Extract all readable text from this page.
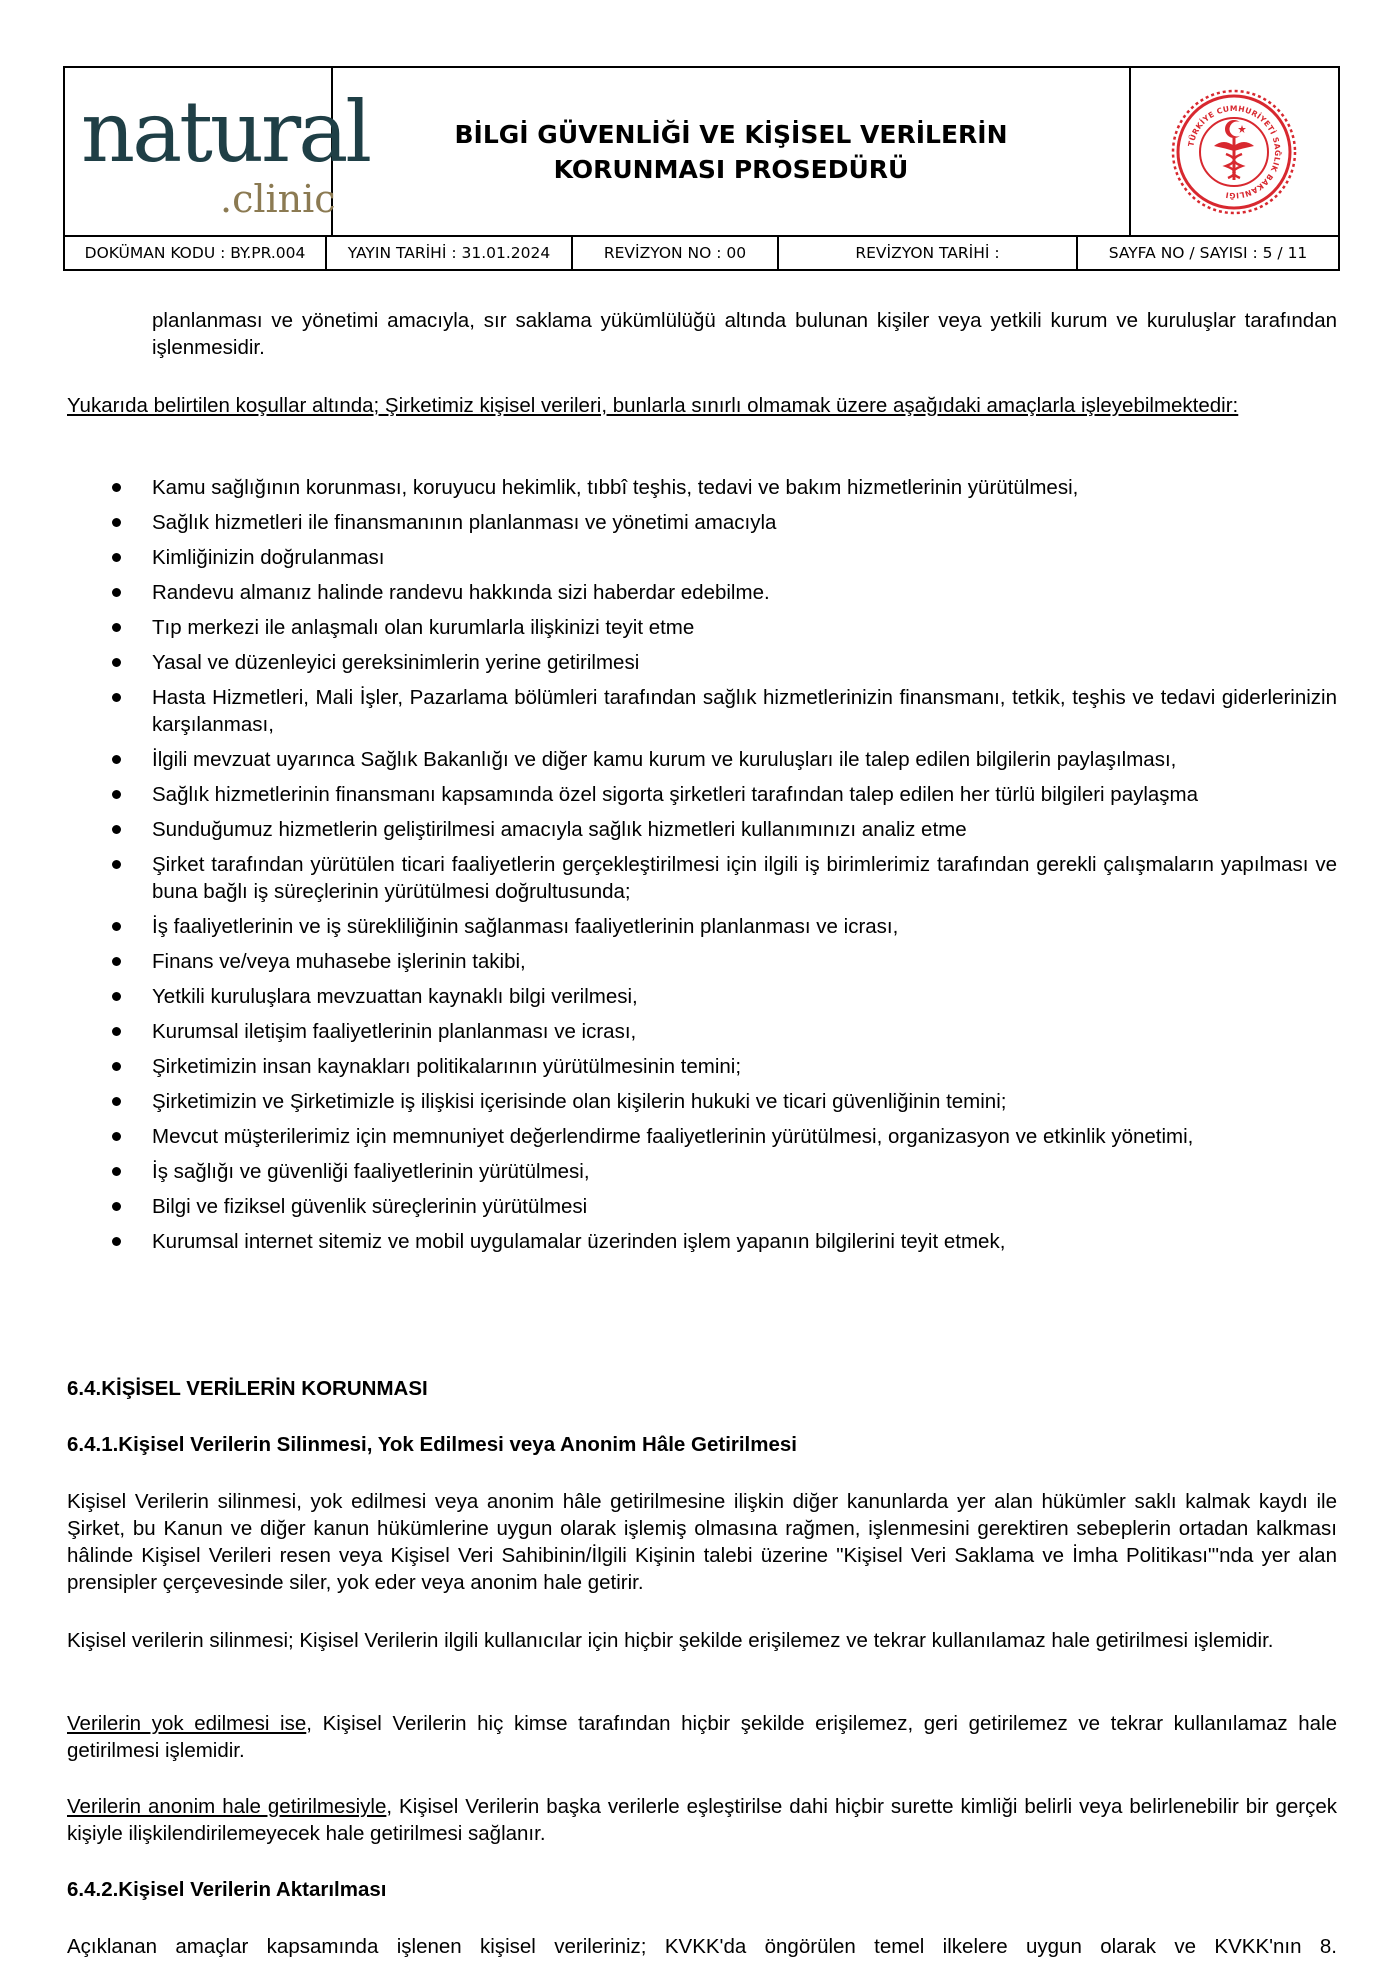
natural
.clinic
BİLGİ GÜVENLİĞİ VE KİŞİSEL VERİLERİN
KORUNMASI PROSEDÜRÜ
TÜRKİYE CUMHURİYETİ SAĞLIK BAKANLIĞI
DOKÜMAN KODU : BY.PR.004	YAYIN TARİHİ : 31.01.2024	REVİZYON NO : 00	REVİZYON TARİHİ :	SAYFA NO / SAYISI : 5 / 11

planlanması ve yönetimi amacıyla, sır saklama yükümlülüğü altında bulunan kişiler veya yetkili kurum ve kuruluşlar tarafından işlenmesidir.

Yukarıda belirtilen koşullar altında; Şirketimiz kişisel verileri, bunlarla sınırlı olmamak üzere aşağıdaki amaçlarla işleyebilmektedir:

Kamu sağlığının korunması, koruyucu hekimlik, tıbbî teşhis, tedavi ve bakım hizmetlerinin yürütülmesi,
Sağlık hizmetleri ile finansmanının planlanması ve yönetimi amacıyla
Kimliğinizin doğrulanması
Randevu almanız halinde randevu hakkında sizi haberdar edebilme.
Tıp merkezi ile anlaşmalı olan kurumlarla ilişkinizi teyit etme
Yasal ve düzenleyici gereksinimlerin yerine getirilmesi
Hasta Hizmetleri, Mali İşler, Pazarlama bölümleri tarafından sağlık hizmetlerinizin finansmanı, tetkik, teşhis ve tedavi giderlerinizin karşılanması,
İlgili mevzuat uyarınca Sağlık Bakanlığı ve diğer kamu kurum ve kuruluşları ile talep edilen bilgilerin paylaşılması,
Sağlık hizmetlerinin finansmanı kapsamında özel sigorta şirketleri tarafından talep edilen her türlü bilgileri paylaşma
Sunduğumuz hizmetlerin geliştirilmesi amacıyla sağlık hizmetleri kullanımınızı analiz etme
Şirket tarafından yürütülen ticari faaliyetlerin gerçekleştirilmesi için ilgili iş birimlerimiz tarafından gerekli çalışmaların yapılması ve buna bağlı iş süreçlerinin yürütülmesi doğrultusunda;
İş faaliyetlerinin ve iş sürekliliğinin sağlanması faaliyetlerinin planlanması ve icrası,
Finans ve/veya muhasebe işlerinin takibi,
Yetkili kuruluşlara mevzuattan kaynaklı bilgi verilmesi,
Kurumsal iletişim faaliyetlerinin planlanması ve icrası,
Şirketimizin insan kaynakları politikalarının yürütülmesinin temini;
Şirketimizin ve Şirketimizle iş ilişkisi içerisinde olan kişilerin hukuki ve ticari güvenliğinin temini;
Mevcut müşterilerimiz için memnuniyet değerlendirme faaliyetlerinin yürütülmesi, organizasyon ve etkinlik yönetimi,
İş sağlığı ve güvenliği faaliyetlerinin yürütülmesi,
Bilgi ve fiziksel güvenlik süreçlerinin yürütülmesi
Kurumsal internet sitemiz ve mobil uygulamalar üzerinden işlem yapanın bilgilerini teyit etmek,

6.4.KİŞİSEL VERİLERİN KORUNMASI

6.4.1.Kişisel Verilerin Silinmesi, Yok Edilmesi veya Anonim Hâle Getirilmesi

Kişisel Verilerin silinmesi, yok edilmesi veya anonim hâle getirilmesine ilişkin diğer kanunlarda yer alan hükümler saklı kalmak kaydı ile Şirket, bu Kanun ve diğer kanun hükümlerine uygun olarak işlemiş olmasına rağmen, işlenmesini gerektiren sebeplerin ortadan kalkması hâlinde Kişisel Verileri resen veya Kişisel Veri Sahibinin/İlgili Kişinin talebi üzerine "Kişisel Veri Saklama ve İmha Politikası"'nda yer alan prensipler çerçevesinde siler, yok eder veya anonim hale getirir.

Kişisel verilerin silinmesi; Kişisel Verilerin ilgili kullanıcılar için hiçbir şekilde erişilemez ve tekrar kullanılamaz hale getirilmesi işlemidir.

Verilerin yok edilmesi ise, Kişisel Verilerin hiç kimse tarafından hiçbir şekilde erişilemez, geri getirilemez ve tekrar kullanılamaz hale getirilmesi işlemidir.

Verilerin anonim hale getirilmesiyle, Kişisel Verilerin başka verilerle eşleştirilse dahi hiçbir surette kimliği belirli veya belirlenebilir bir gerçek kişiyle ilişkilendirilemeyecek hale getirilmesi sağlanır.

6.4.2.Kişisel Verilerin Aktarılması

Açıklanan amaçlar kapsamında işlenen kişisel verileriniz; KVKK'da öngörülen temel ilkelere uygun olarak ve KVKK'nın 8.
